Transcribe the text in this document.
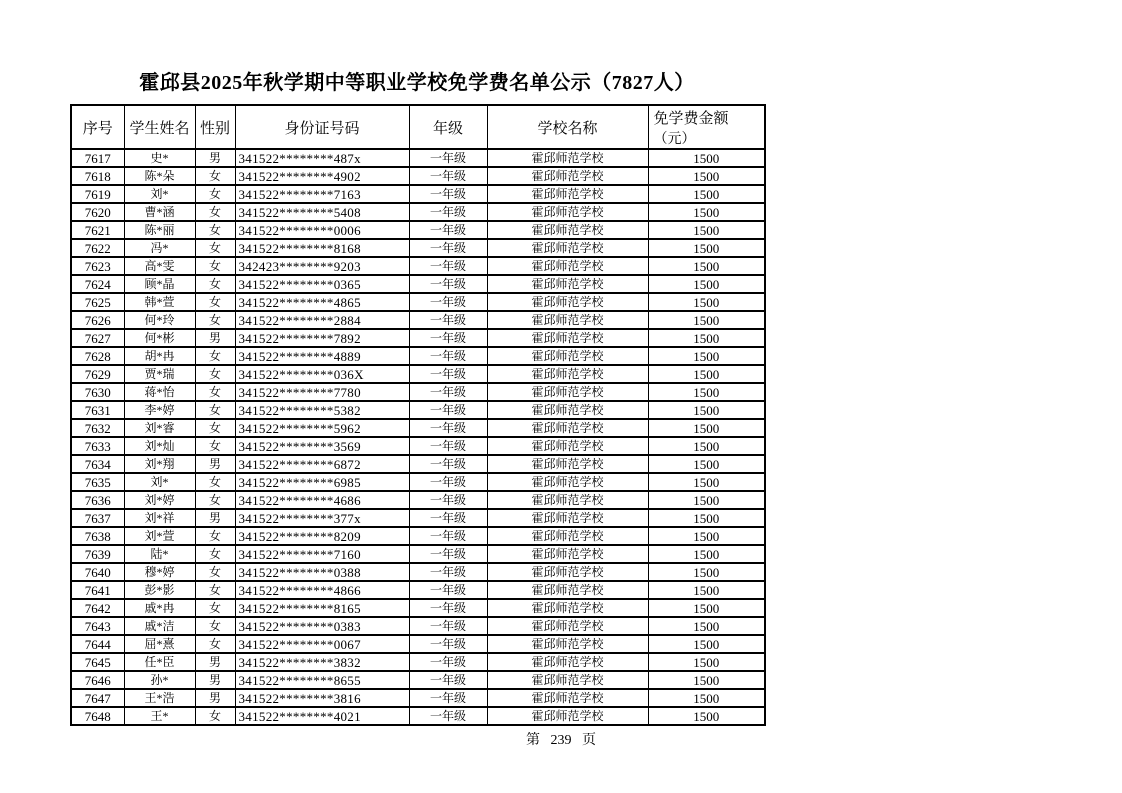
霍邱县2025年秋学期中等职业学校免学费名单公示（7827人）
序号	学生姓名	性别	身份证号码	年级	学校名称	免学费金额
（元）

7617	史*	男	341522********487x	一年级	霍邱师范学校	1500
7618	陈*朵	女	341522********4902	一年级	霍邱师范学校	1500
7619	刘*	女	341522********7163	一年级	霍邱师范学校	1500
7620	曹*涵	女	341522********5408	一年级	霍邱师范学校	1500
7621	陈*丽	女	341522********0006	一年级	霍邱师范学校	1500
7622	冯*	女	341522********8168	一年级	霍邱师范学校	1500
7623	高*雯	女	342423********9203	一年级	霍邱师范学校	1500
7624	顾*晶	女	341522********0365	一年级	霍邱师范学校	1500
7625	韩*萱	女	341522********4865	一年级	霍邱师范学校	1500
7626	何*玲	女	341522********2884	一年级	霍邱师范学校	1500
7627	何*彬	男	341522********7892	一年级	霍邱师范学校	1500
7628	胡*冉	女	341522********4889	一年级	霍邱师范学校	1500
7629	贾*瑞	女	341522********036X	一年级	霍邱师范学校	1500
7630	蒋*怡	女	341522********7780	一年级	霍邱师范学校	1500
7631	李*婷	女	341522********5382	一年级	霍邱师范学校	1500
7632	刘*睿	女	341522********5962	一年级	霍邱师范学校	1500
7633	刘*灿	女	341522********3569	一年级	霍邱师范学校	1500
7634	刘*翔	男	341522********6872	一年级	霍邱师范学校	1500
7635	刘*	女	341522********6985	一年级	霍邱师范学校	1500
7636	刘*婷	女	341522********4686	一年级	霍邱师范学校	1500
7637	刘*祥	男	341522********377x	一年级	霍邱师范学校	1500
7638	刘*萱	女	341522********8209	一年级	霍邱师范学校	1500
7639	陆*	女	341522********7160	一年级	霍邱师范学校	1500
7640	穆*婷	女	341522********0388	一年级	霍邱师范学校	1500
7641	彭*影	女	341522********4866	一年级	霍邱师范学校	1500
7642	戚*冉	女	341522********8165	一年级	霍邱师范学校	1500
7643	戚*洁	女	341522********0383	一年级	霍邱师范学校	1500
7644	屈*熹	女	341522********0067	一年级	霍邱师范学校	1500
7645	任*臣	男	341522********3832	一年级	霍邱师范学校	1500
7646	孙*	男	341522********8655	一年级	霍邱师范学校	1500
7647	王*浩	男	341522********3816	一年级	霍邱师范学校	1500
7648	王*	女	341522********4021	一年级	霍邱师范学校	1500
第 239 页
